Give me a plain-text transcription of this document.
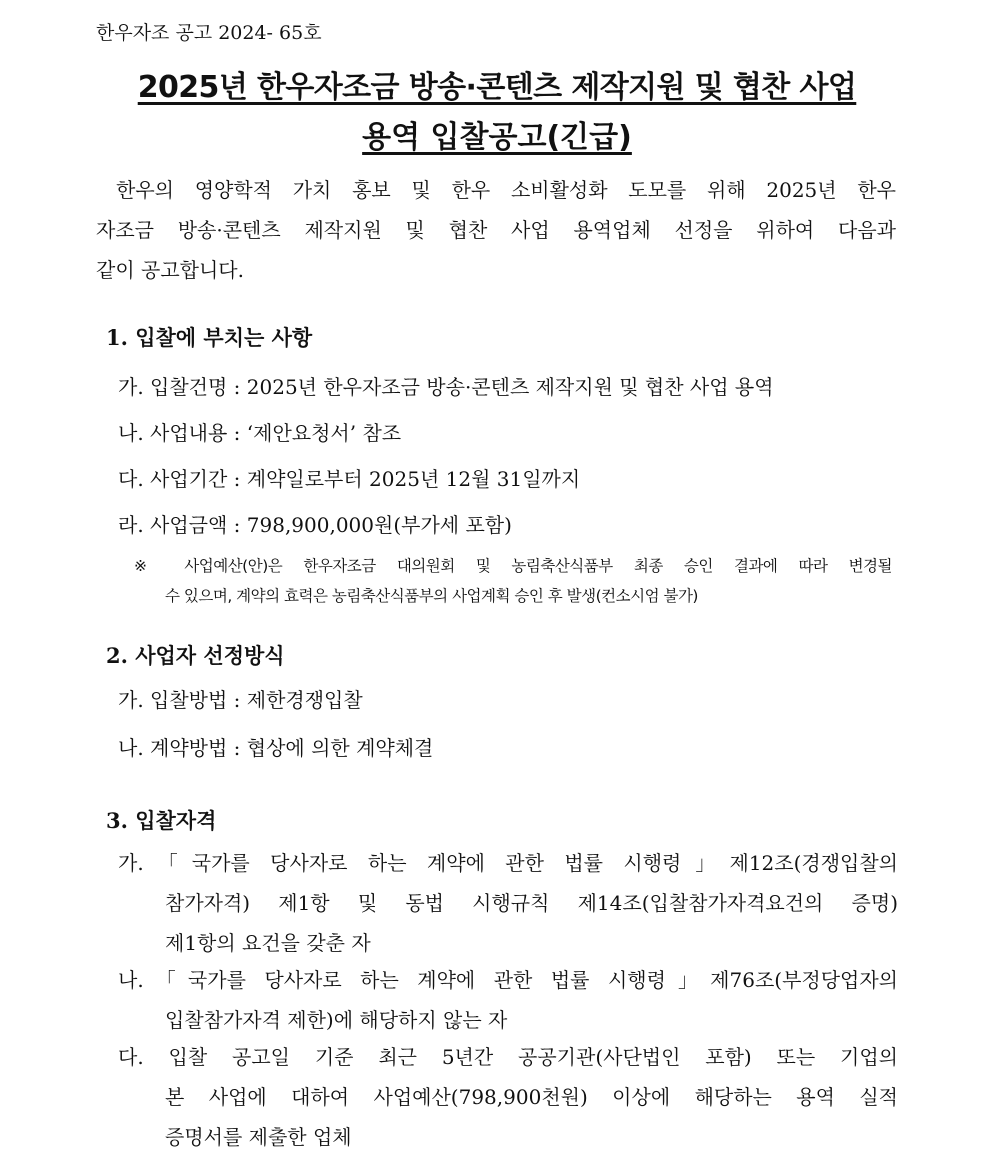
한우자조 공고 2024- 65호
2025년 한우자조금 방송·콘텐츠 제작지원 및 협찬 사업
용역 입찰공고(긴급)
한우의 영양학적 가치 홍보 및 한우 소비활성화 도모를 위해 2025년 한우
자조금 방송·콘텐츠 제작지원 및 협찬 사업 용역업체 선정을 위하여 다음과
같이 공고합니다.
1. 입찰에 부치는 사항
가. 입찰건명 : 2025년 한우자조금 방송·콘텐츠 제작지원 및 협찬 사업 용역
나. 사업내용 : ‘제안요청서’ 참조
다. 사업기간 : 계약일로부터 2025년 12월 31일까지
라. 사업금액 : 798,900,000원(부가세 포함)
※ 사업예산(안)은 한우자조금 대의원회 및 농림축산식품부 최종 승인 결과에 따라 변경될
수 있으며, 계약의 효력은 농림축산식품부의 사업계획 승인 후 발생(컨소시엄 불가)
2. 사업자 선정방식
가. 입찰방법 : 제한경쟁입찰
나. 계약방법 : 협상에 의한 계약체결
3. 입찰자격
가.「국가를 당사자로 하는 계약에 관한 법률 시행령」제12조(경쟁입찰의
참가자격) 제1항 및 동법 시행규칙 제14조(입찰참가자격요건의 증명)
제1항의 요건을 갖춘 자
나.「국가를 당사자로 하는 계약에 관한 법률 시행령」제76조(부정당업자의
입찰참가자격 제한)에 해당하지 않는 자
다. 입찰 공고일 기준 최근 5년간 공공기관(사단법인 포함) 또는 기업의
본 사업에 대하여 사업예산(798,900천원) 이상에 해당하는 용역 실적
증명서를 제출한 업체
